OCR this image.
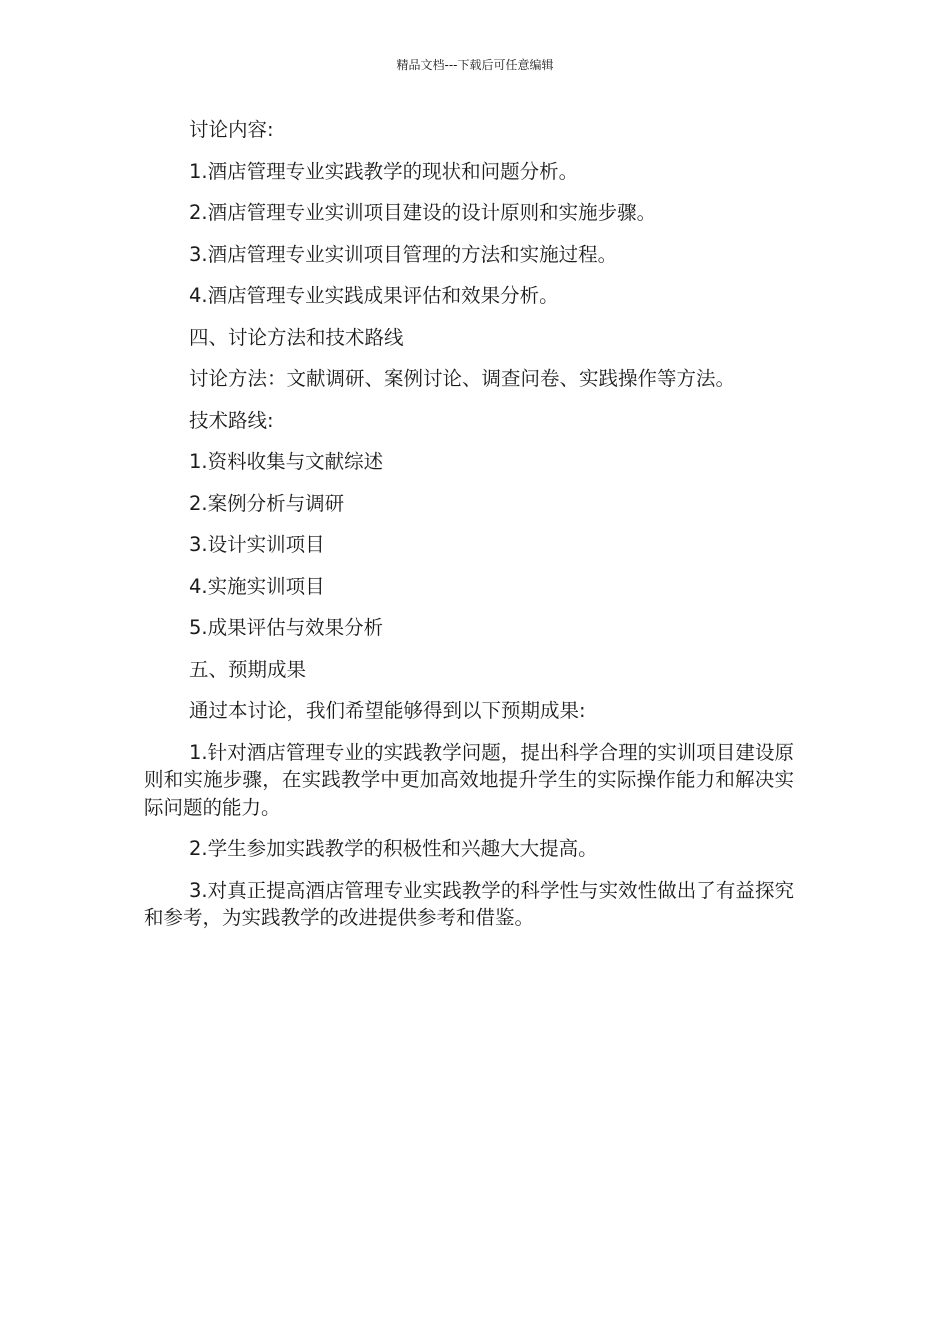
精品文档---下载后可任意编辑
讨论内容:
1.酒店管理专业实践教学的现状和问题分析。
2.酒店管理专业实训项目建设的设计原则和实施步骤。
3.酒店管理专业实训项目管理的方法和实施过程。
4.酒店管理专业实践成果评估和效果分析。
四、讨论方法和技术路线
讨论方法：文献调研、案例讨论、调查问卷、实践操作等方法。
技术路线:
1.资料收集与文献综述
2.案例分析与调研
3.设计实训项目
4.实施实训项目
5.成果评估与效果分析
五、预期成果
通过本讨论，我们希望能够得到以下预期成果:

1.针对酒店管理专业的实践教学问题，提出科学合理的实训项目建设原则和实施步骤，在实践教学中更加高效地提升学生的实际操作能力和解决实际问题的能力。

2.学生参加实践教学的积极性和兴趣大大提高。

3.对真正提高酒店管理专业实践教学的科学性与实效性做出了有益探究和参考，为实践教学的改进提供参考和借鉴。
